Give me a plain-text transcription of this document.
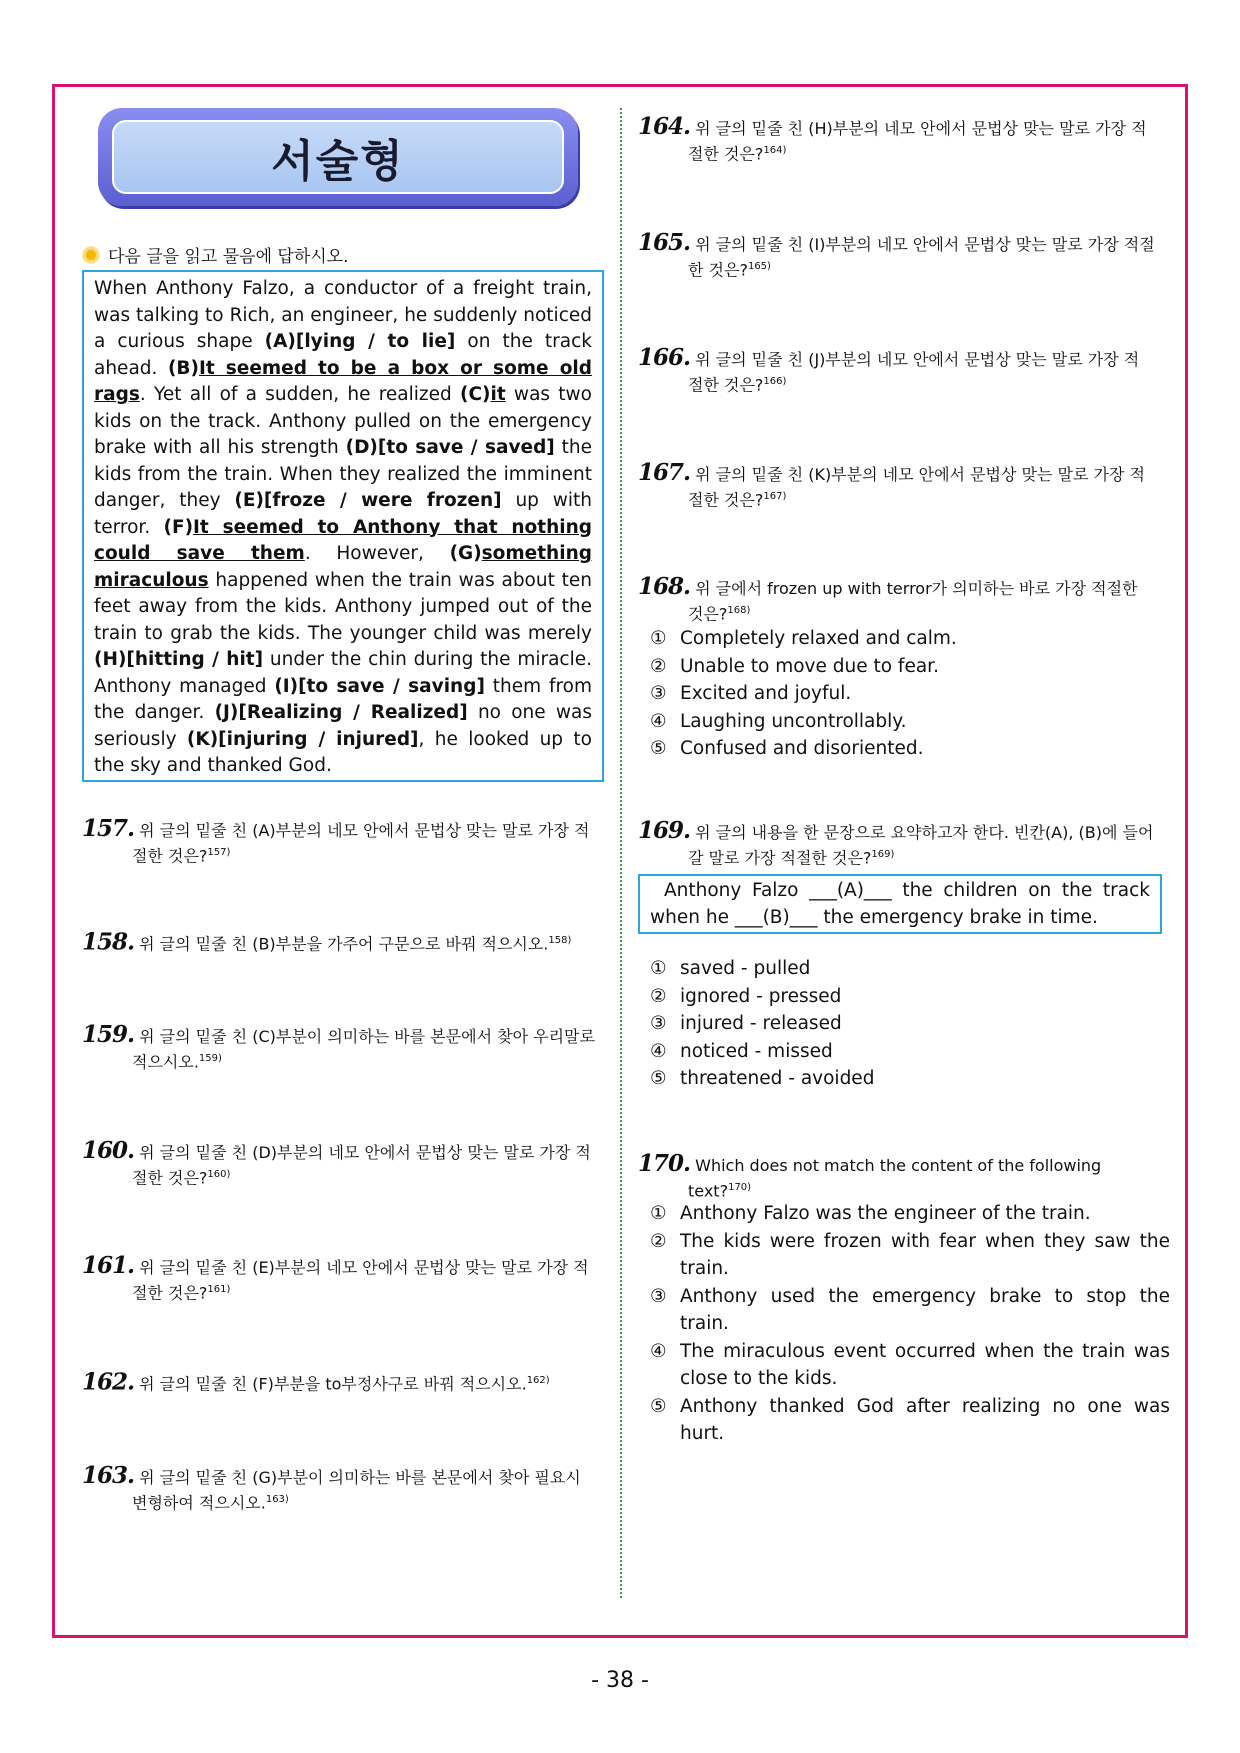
서술형
다음 글을 읽고 물음에 답하시오.
When Anthony Falzo, a conductor of a freight train, was talking to Rich, an engineer, he suddenly noticed a curious shape (A)[lying / to lie] on the track ahead. (B)It seemed to be a box or some old rags. Yet all of a sudden, he realized (C)it was two kids on the track. Anthony pulled on the emergency brake with all his strength (D)[to save / saved] the kids from the train. When they realized the imminent danger, they (E)[froze / were frozen] up with terror. (F)It seemed to Anthony that nothing could save them. However, (G)something miraculous happened when the train was about ten feet away from the kids. Anthony jumped out of the train to grab the kids. The younger child was merely (H)[hitting / hit] under the chin during the miracle. Anthony managed (I)[to save / saving] them from the danger. (J)[Realizing / Realized] no one was seriously (K)[injuring / injured], he looked up to the sky and thanked God.
157. 위 글의 밑줄 친 (A)부분의 네모 안에서 문법상 맞는 말로 가장 적
절한 것은?$^{157)}$
158. 위 글의 밑줄 친 (B)부분을 가주어 구문으로 바꿔 적으시오.$^{158)}$
159. 위 글의 밑줄 친 (C)부분이 의미하는 바를 본문에서 찾아 우리말로
적으시오.$^{159)}$
160. 위 글의 밑줄 친 (D)부분의 네모 안에서 문법상 맞는 말로 가장 적
절한 것은?$^{160)}$
161. 위 글의 밑줄 친 (E)부분의 네모 안에서 문법상 맞는 말로 가장 적
절한 것은?$^{161)}$
162. 위 글의 밑줄 친 (F)부분을 to부정사구로 바꿔 적으시오.$^{162)}$
163. 위 글의 밑줄 친 (G)부분이 의미하는 바를 본문에서 찾아 필요시
변형하여 적으시오.$^{163)}$
164. 위 글의 밑줄 친 (H)부분의 네모 안에서 문법상 맞는 말로 가장 적
절한 것은?$^{164)}$
165. 위 글의 밑줄 친 (I)부분의 네모 안에서 문법상 맞는 말로 가장 적절
한 것은?$^{165)}$
166. 위 글의 밑줄 친 (J)부분의 네모 안에서 문법상 맞는 말로 가장 적
절한 것은?$^{166)}$
167. 위 글의 밑줄 친 (K)부분의 네모 안에서 문법상 맞는 말로 가장 적
절한 것은?$^{167)}$
168. 위 글에서 frozen up with terror가 의미하는 바로 가장 적절한
것은?$^{168)}$
① Completely relaxed and calm.
② Unable to move due to fear.
③ Excited and joyful.
④ Laughing uncontrollably.
⑤ Confused and disoriented.
169. 위 글의 내용을 한 문장으로 요약하고자 한다. 빈칸(A), (B)에 들어
갈 말로 가장 적절한 것은?$^{169)}$
Anthony Falzo ___(A)___ the children on the track when he ___(B)___ the emergency brake in time.
① saved - pulled
② ignored - pressed
③ injured - released
④ noticed - missed
⑤ threatened - avoided
170. Which does not match the content of the following
text?$^{170)}$
① Anthony Falzo was the engineer of the train.
② The kids were frozen with fear when they saw the train.
③ Anthony used the emergency brake to stop the train.
④ The miraculous event occurred when the train was close to the kids.
⑤ Anthony thanked God after realizing no one was hurt.
- 38 -
